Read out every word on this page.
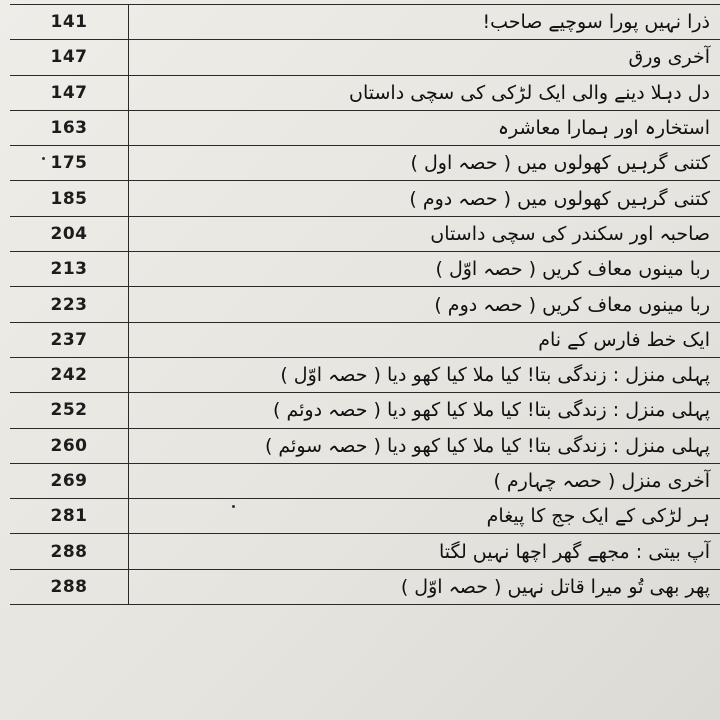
141	ذرا نہیں پورا سوچیے صاحب!
147	آخری ورق
147	دل دہلا دینے والی ایک لڑکی کی سچی داستاں
163	استخارہ اور ہمارا معاشرہ
175	کتنی گرہیں کھولوں میں ( حصہ اول )
185	کتنی گرہیں کھولوں میں ( حصہ دوم )
204	صاحبہ اور سکندر کی سچی داستاں
213	ربا مینوں معاف کریں ( حصہ اوّل )
223	ربا مینوں معاف کریں ( حصہ دوم )
237	ایک خط فارس کے نام
242	پہلی منزل : زندگی بتا! کیا ملا کیا کھو دیا ( حصہ اوّل )
252	پہلی منزل : زندگی بتا! کیا ملا کیا کھو دیا ( حصہ دوئم )
260	پہلی منزل : زندگی بتا! کیا ملا کیا کھو دیا ( حصہ سوئم )
269	آخری منزل ( حصہ چہارم )
281	ہر لڑکی کے ایک جج کا پیغام
288	آپ بیتی : مجھے گھر اچھا نہیں لگتا
288	پھر بھی تُو میرا قاتل نہیں ( حصہ اوّل )
